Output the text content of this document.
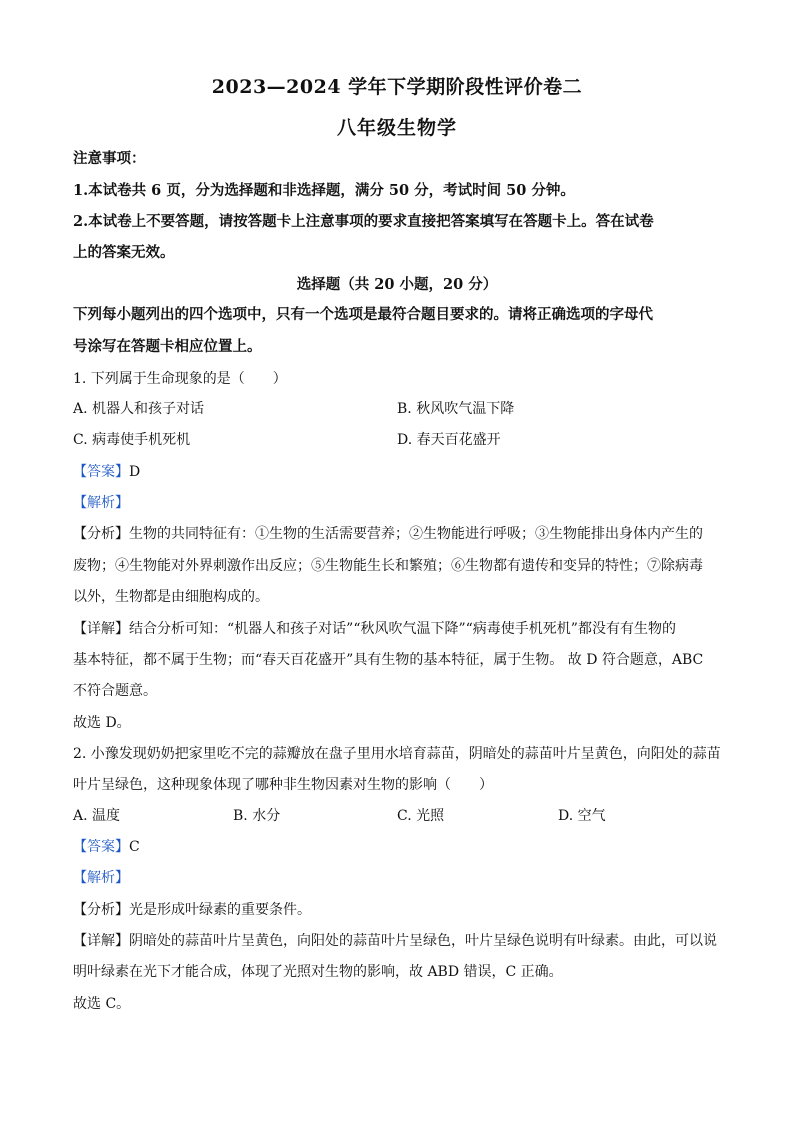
2023—2024 学年下学期阶段性评价卷二
八年级生物学
注意事项：
1.本试卷共 6 页，分为选择题和非选择题，满分 50 分，考试时间 50 分钟。
2.本试卷上不要答题，请按答题卡上注意事项的要求直接把答案填写在答题卡上。答在试卷
上的答案无效。
选择题（共 20 小题，20 分）
下列每小题列出的四个选项中，只有一个选项是最符合题目要求的。请将正确选项的字母代
号涂写在答题卡相应位置上。
1. 下列属于生命现象的是（　　）
A. 机器人和孩子对话	B. 秋风吹气温下降
C. 病毒使手机死机	D. 春天百花盛开
【答案】D
【解析】
【分析】生物的共同特征有：①生物的生活需要营养；②生物能进行呼吸；③生物能排出身体内产生的
废物；④生物能对外界刺激作出反应；⑤生物能生长和繁殖；⑥生物都有遗传和变异的特性；⑦除病毒
以外，生物都是由细胞构成的。
【详解】结合分析可知：“机器人和孩子对话”“秋风吹气温下降”“病毒使手机死机”都没有有生物的
基本特征，都不属于生物；而“春天百花盛开”具有生物的基本特征，属于生物。 故 D 符合题意，ABC
不符合题意。
故选 D。
2. 小豫发现奶奶把家里吃不完的蒜瓣放在盘子里用水培育蒜苗，阴暗处的蒜苗叶片呈黄色，向阳处的蒜苗
叶片呈绿色，这种现象体现了哪种非生物因素对生物的影响（　　）
A. 温度	B. 水分	C. 光照	D. 空气
【答案】C
【解析】
【分析】光是形成叶绿素的重要条件。
【详解】阴暗处的蒜苗叶片呈黄色，向阳处的蒜苗叶片呈绿色，叶片呈绿色说明有叶绿素。由此，可以说
明叶绿素在光下才能合成，体现了光照对生物的影响，故 ABD 错误，C 正确。
故选 C。
